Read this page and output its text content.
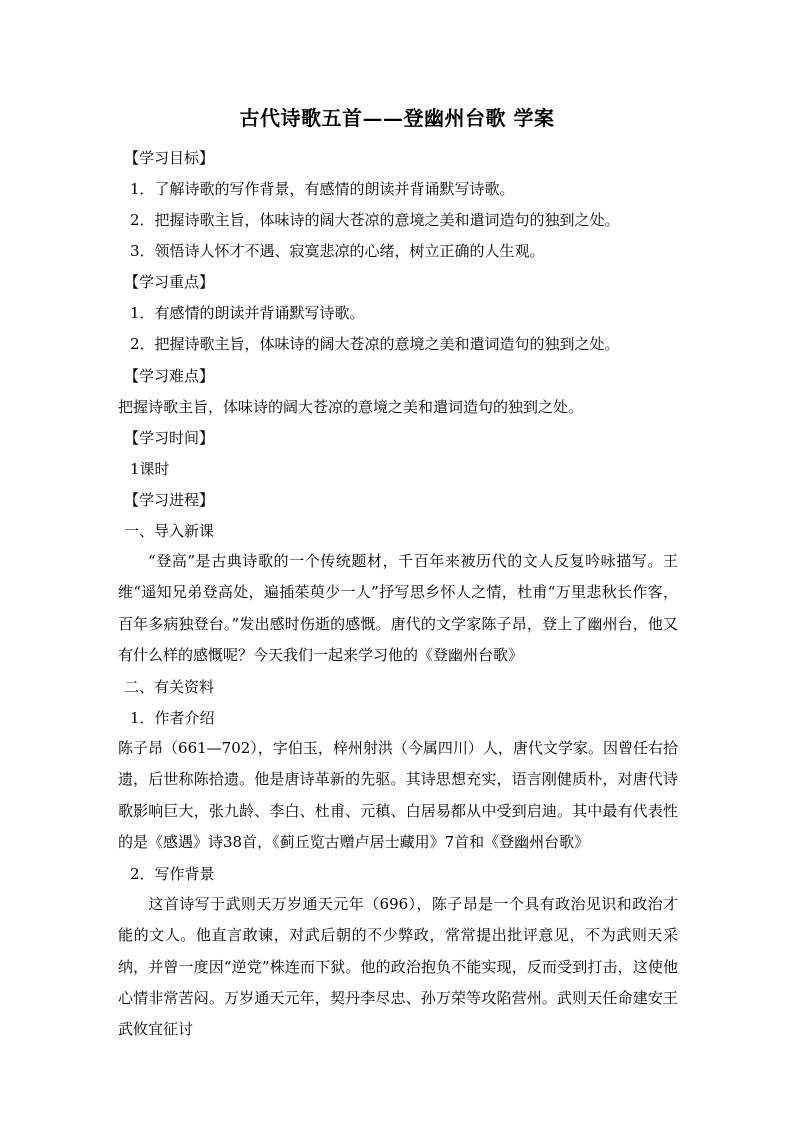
古代诗歌五首——登幽州台歌 学案
【学习目标】
1．了解诗歌的写作背景，有感情的朗读并背诵默写诗歌。
2．把握诗歌主旨，体味诗的阔大苍凉的意境之美和遣词造句的独到之处。
3．领悟诗人怀才不遇、寂寞悲凉的心绪，树立正确的人生观。
【学习重点】
1．有感情的朗读并背诵默写诗歌。
2．把握诗歌主旨，体味诗的阔大苍凉的意境之美和遣词造句的独到之处。
【学习难点】
把握诗歌主旨，体味诗的阔大苍凉的意境之美和遣词造句的独到之处。
【学习时间】
1课时
【学习进程】
一、导入新课
“登高”是古典诗歌的一个传统题材，千百年来被历代的文人反复吟咏描写。王维“遥知兄弟登高处，遍插茱萸少一人”抒写思乡怀人之情，杜甫“万里悲秋长作客，百年多病独登台。”发出感时伤逝的感慨。唐代的文学家陈子昂，登上了幽州台，他又有什么样的感慨呢？今天我们一起来学习他的《登幽州台歌》
二、有关资料
1．作者介绍
陈子昂（661—702），字伯玉，梓州射洪（今属四川）人，唐代文学家。因曾任右拾遗，后世称陈拾遗。他是唐诗革新的先驱。其诗思想充实，语言刚健质朴，对唐代诗歌影响巨大，张九龄、李白、杜甫、元稹、白居易都从中受到启迪。其中最有代表性的是《感遇》诗38首，《蓟丘览古赠卢居士藏用》7首和《登幽州台歌》
2．写作背景
这首诗写于武则天万岁通天元年（696），陈子昂是一个具有政治见识和政治才能的文人。他直言敢谏，对武后朝的不少弊政，常常提出批评意见，不为武则天采纳，并曾一度因“逆党”株连而下狱。他的政治抱负不能实现，反而受到打击，这使他心情非常苦闷。万岁通天元年，契丹李尽忠、孙万荣等攻陷营州。武则天任命建安王武攸宜征讨
